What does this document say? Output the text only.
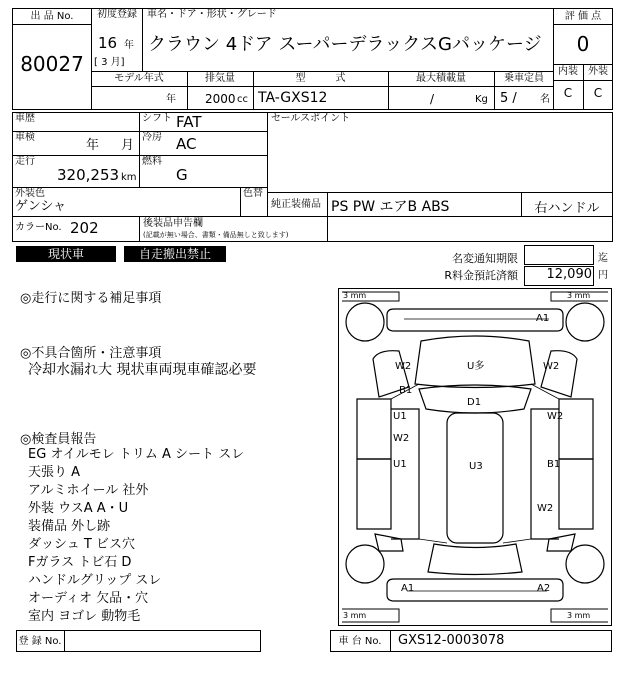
出 品 No.
80027
初度登録
16 年
[ 3 月]
車名・ドア・形状・グレード
クラウン 4ドア スーパーデラックスGパッケージ
評 価 点
0
内装	外装
C	C
モデル年式
年
排気量
2000 cc
型　　　式
TA-GXS12
最大積載量
/	Kg
乗車定員
5 / 名
車歴	シフト FAT
車検
年 月
冷房 AC
走行
320,253 km
燃料
G
セールスポイント
外装色
ゲンシャ
色替
純正装備品 PS PW エアB ABS	右ハンドル
カラーNo. 202	後装品申告欄
(記載が無い場合、書類・備品無しと致します)
現状車	自走搬出禁止	名変通知期限	迄
R料金預託済額	12,090 円
◎走行に関する補足事項
◎不具合箇所・注意事項
冷却水漏れ大 現状車両現車確認必要
◎検査員報告
EG オイルモレ トリム A シート スレ
天張り A
アルミホイール 社外
外装 ウスA A・U
装備品 外し跡
ダッシュ T ビス穴
Fガラス トビ石 D
ハンドルグリップ スレ
オーディオ 欠品・穴
室内 ヨゴレ 動物毛
3 mm	3 mm
3 mm	3 mm
A1
W2	U多	W2
B1
D1
U1	W2
W2
U1	U3	B1
W2
A1	A2
登 録 No.	車 台 No.	GXS12-0003078
